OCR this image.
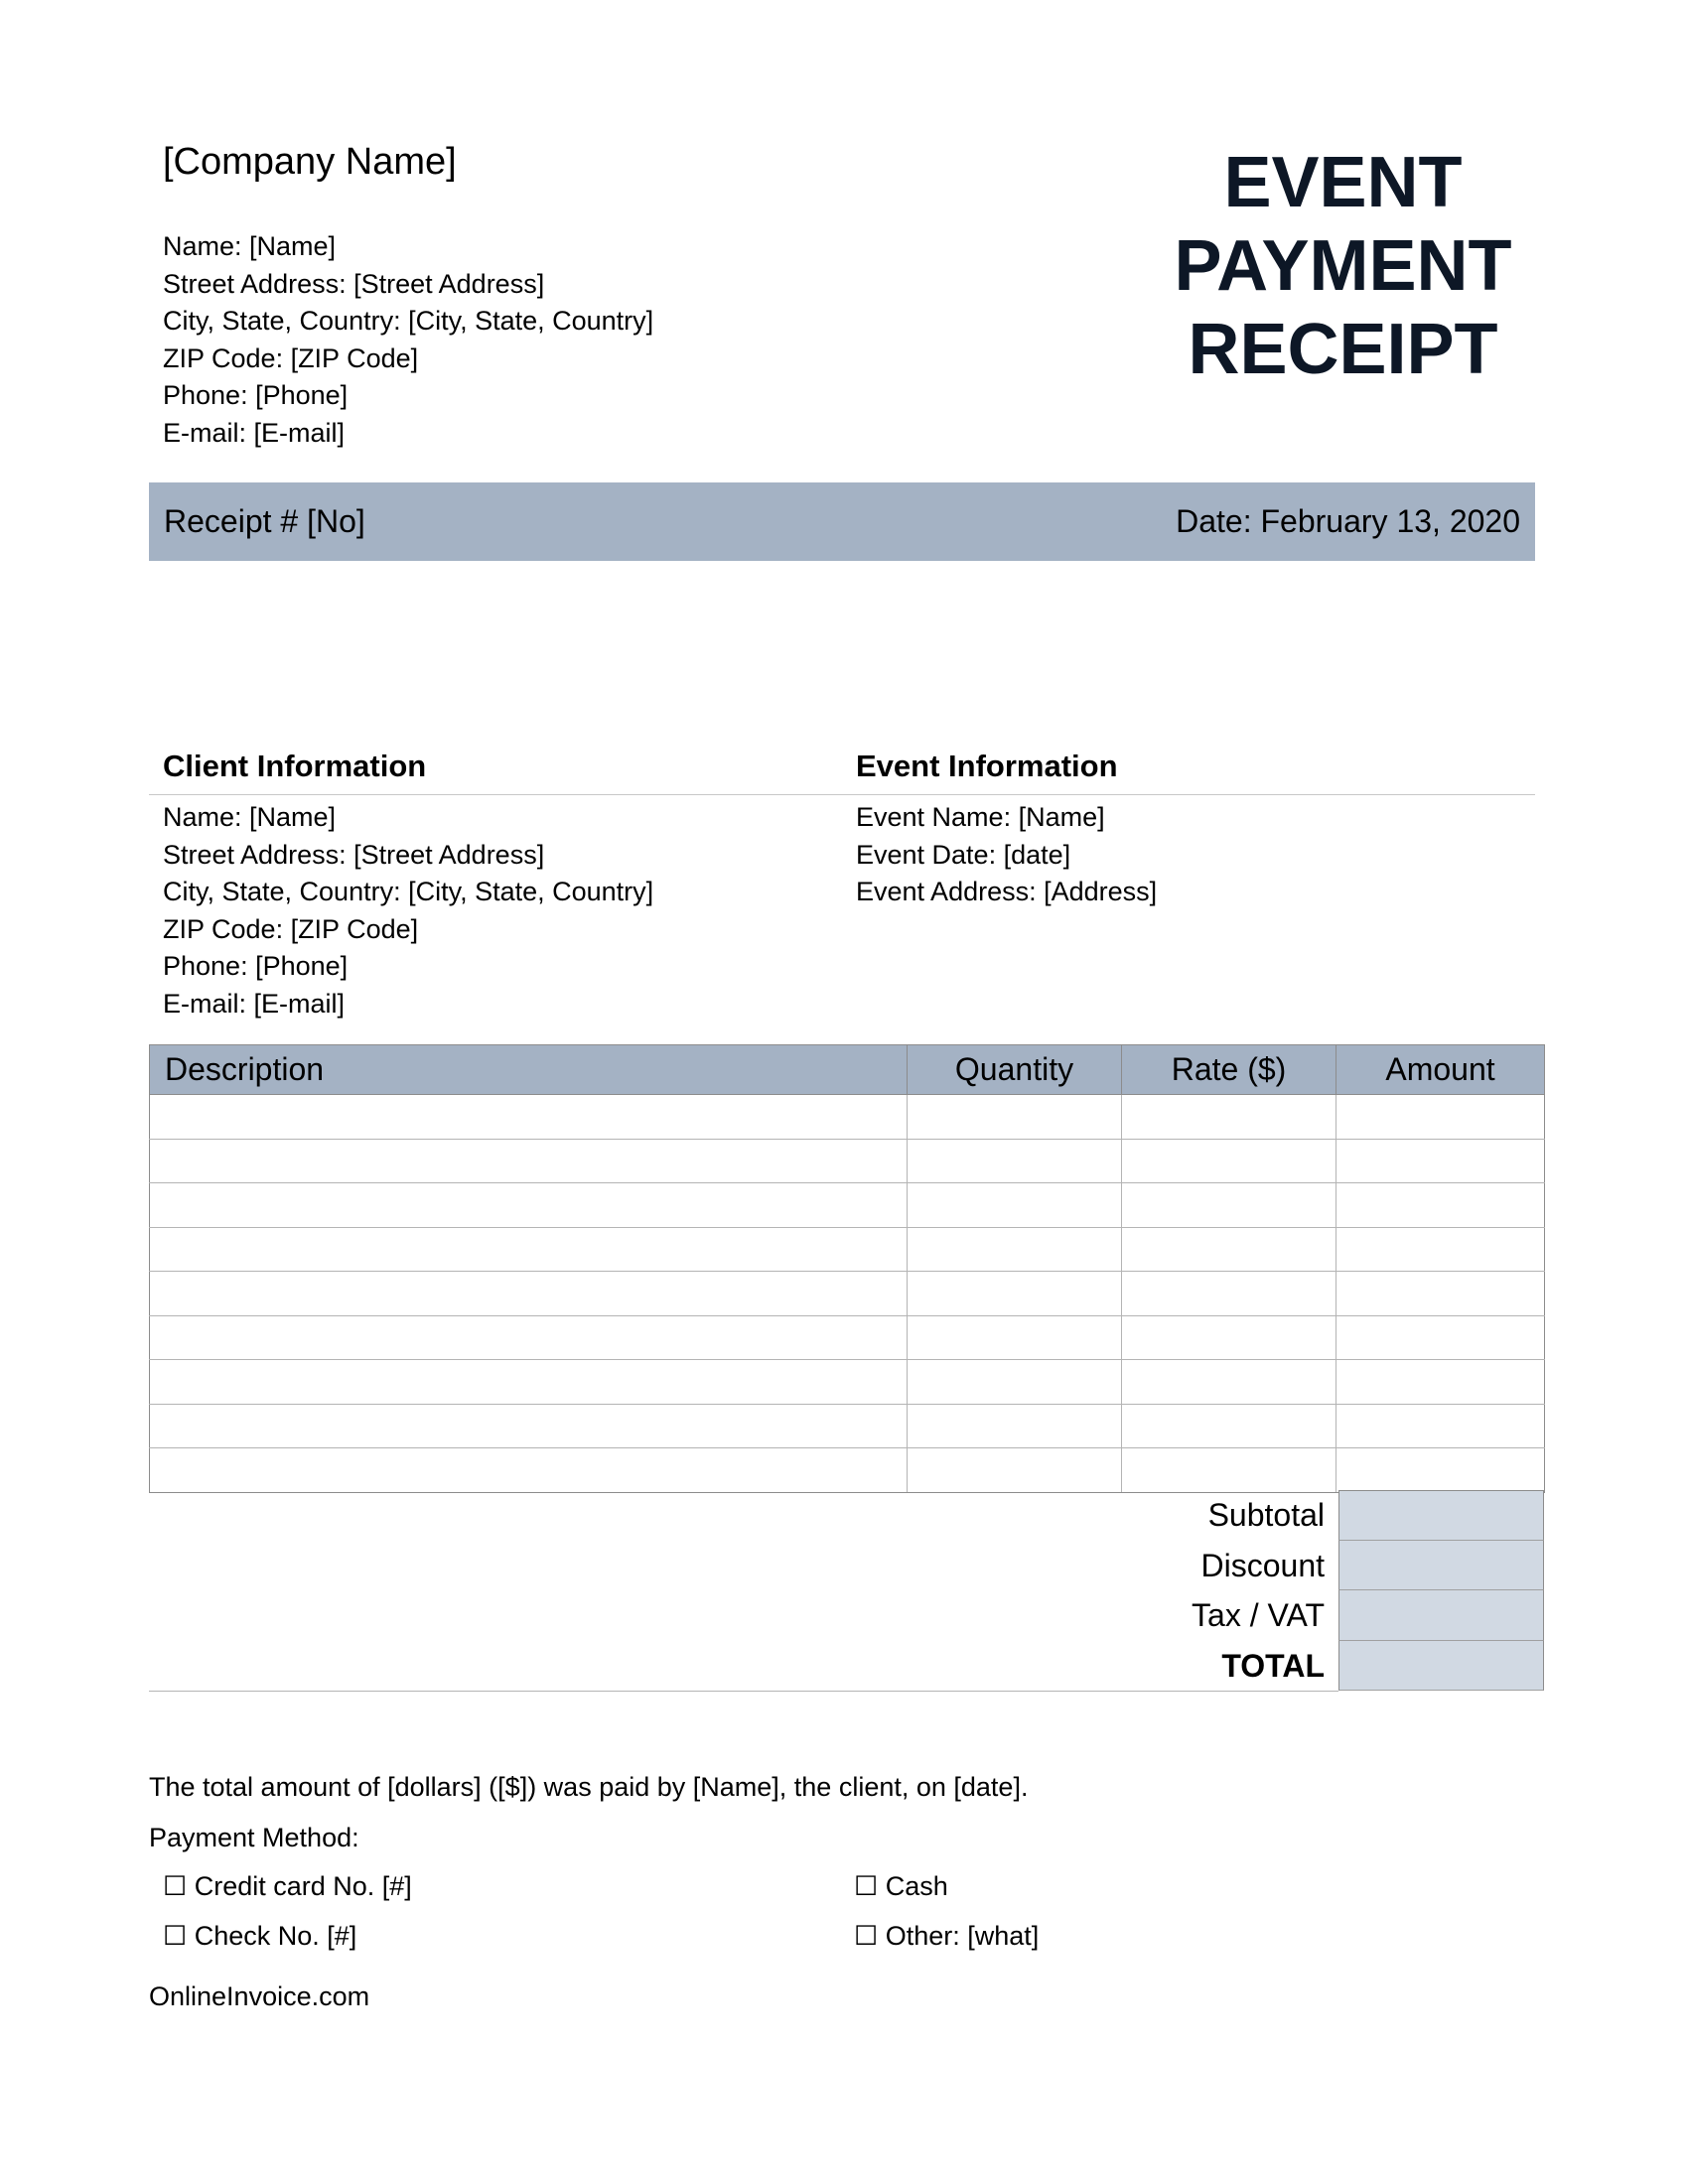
[Company Name]
Name: [Name]
Street Address: [Street Address]
City, State, Country: [City, State, Country]
ZIP Code: [ZIP Code]
Phone: [Phone]
E-mail: [E-mail]
EVENT
PAYMENT
RECEIPT
Receipt # [No]	Date: February 13, 2020
Client Information	Event Information
Name: [Name]
Street Address: [Street Address]
City, State, Country: [City, State, Country]
ZIP Code: [ZIP Code]
Phone: [Phone]
E-mail: [E-mail]
Event Name: [Name]
Event Date: [date]
Event Address: [Address]
Description	Quantity	Rate ($)	Amount

Subtotal
Discount
Tax / VAT
TOTAL
The total amount of [dollars] ([$]) was paid by [Name], the client, on [date].
Payment Method:
☐ Credit card No. [#]	☐ Cash
☐ Check No. [#]	☐ Other: [what]
OnlineInvoice.com
